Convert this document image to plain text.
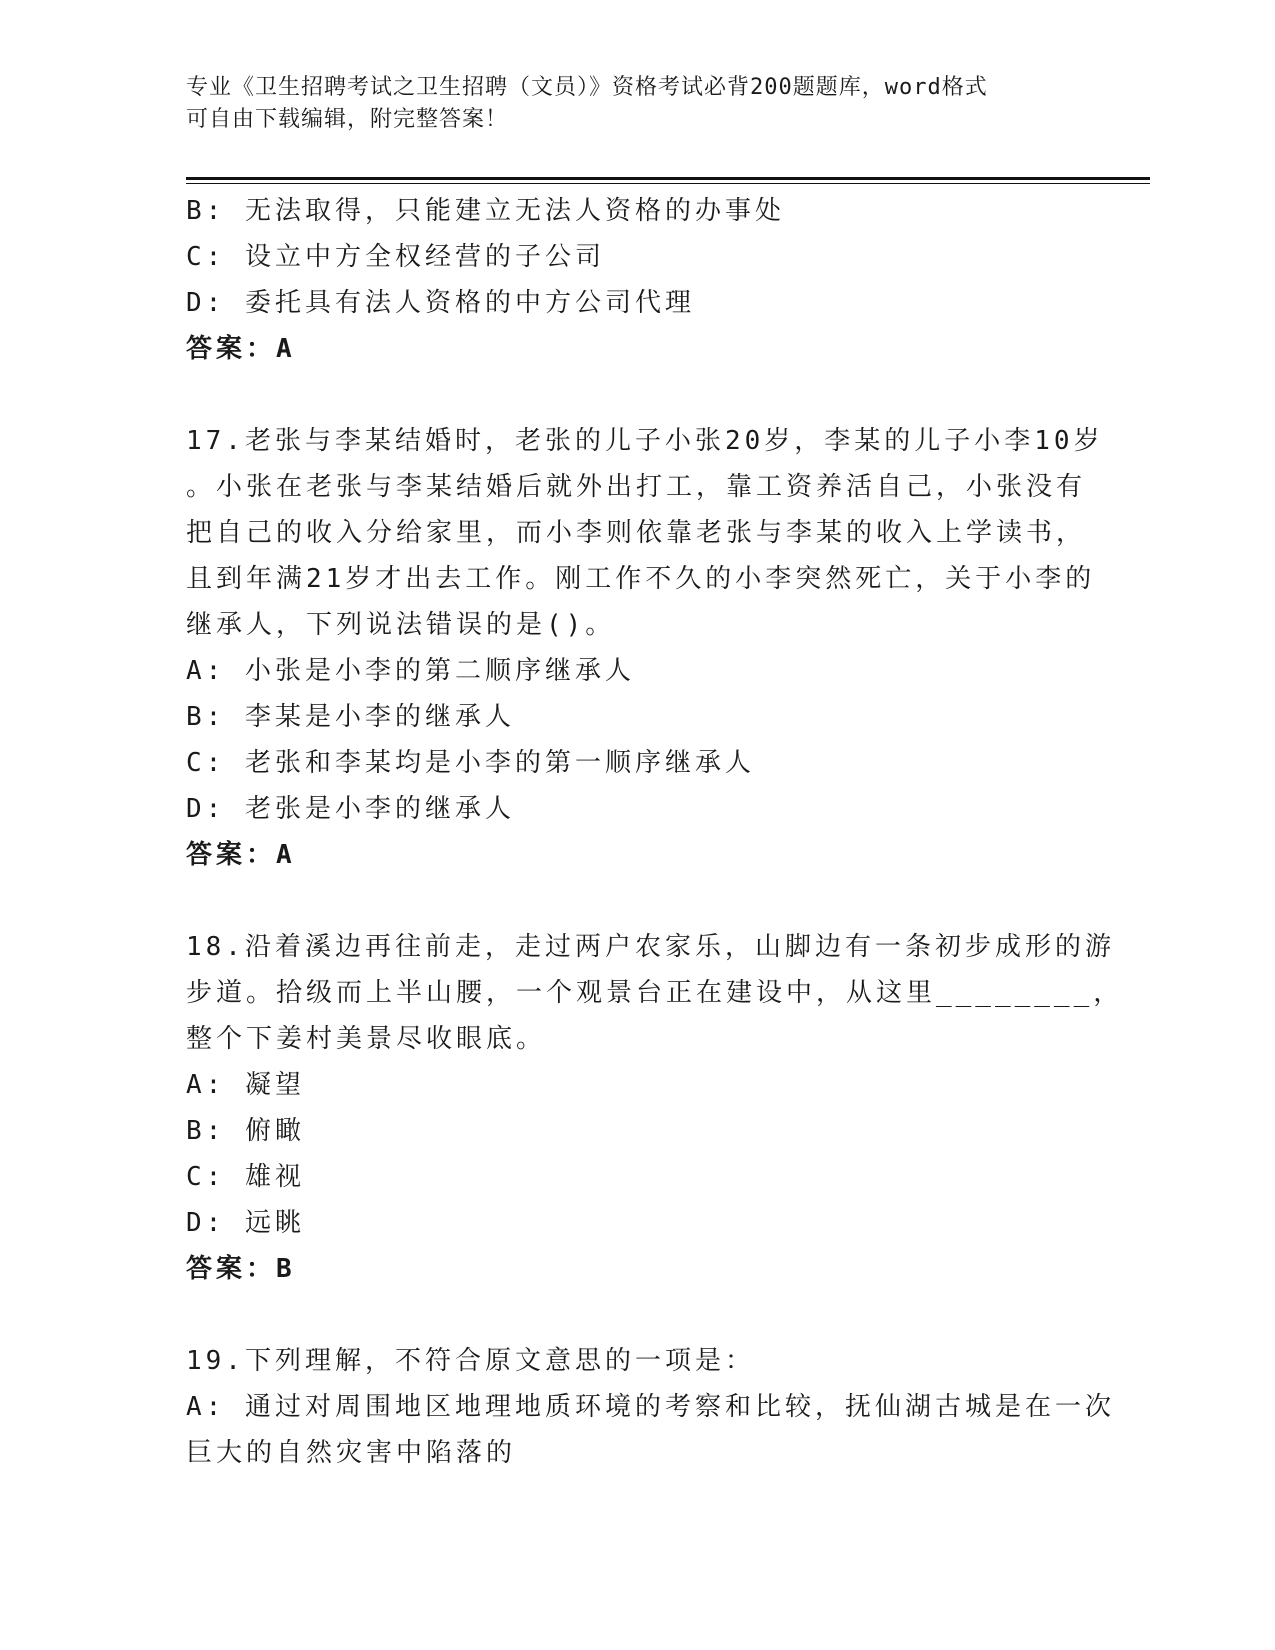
专业《卫生招聘考试之卫生招聘（文员）》资格考试必背200题题库，word格式
可自由下载编辑，附完整答案！
B: 无法取得，只能建立无法人资格的办事处
C: 设立中方全权经营的子公司
D: 委托具有法人资格的中方公司代理
答案：A
17.老张与李某结婚时，老张的儿子小张20岁，李某的儿子小李10岁
。小张在老张与李某结婚后就外出打工，靠工资养活自己，小张没有
把自己的收入分给家里，而小李则依靠老张与李某的收入上学读书，
且到年满21岁才出去工作。刚工作不久的小李突然死亡，关于小李的
继承人，下列说法错误的是()。
A: 小张是小李的第二顺序继承人
B: 李某是小李的继承人
C: 老张和李某均是小李的第一顺序继承人
D: 老张是小李的继承人
答案：A
18.沿着溪边再往前走，走过两户农家乐，山脚边有一条初步成形的游
步道。拾级而上半山腰，一个观景台正在建设中，从这里________，
整个下姜村美景尽收眼底。
A: 凝望
B: 俯瞰
C: 雄视
D: 远眺
答案：B
19.下列理解，不符合原文意思的一项是：
A: 通过对周围地区地理地质环境的考察和比较，抚仙湖古城是在一次
巨大的自然灾害中陷落的
